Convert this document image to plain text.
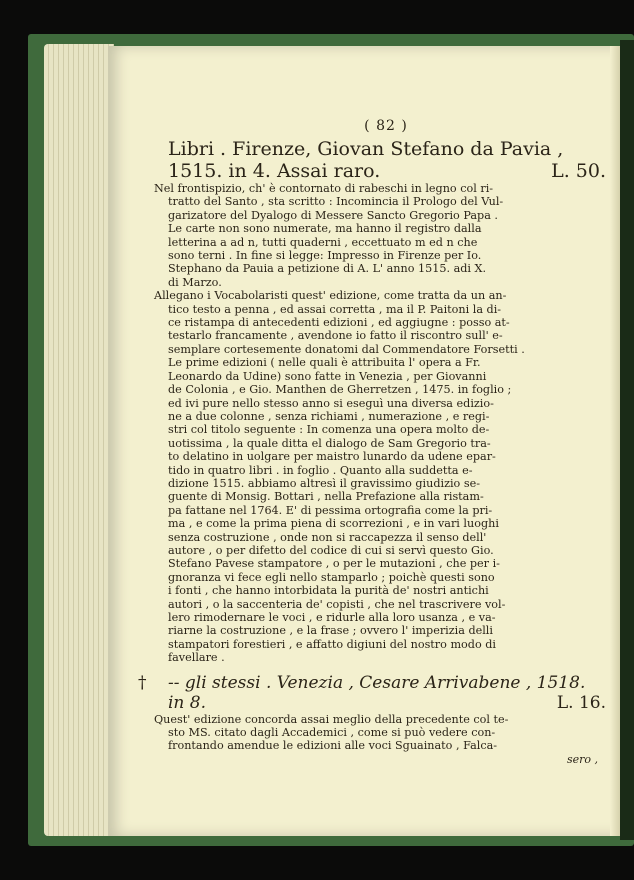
( 82 )
Libri . Firenze, Giovan Stefano da Pavia ,
1515. in 4. Assai raro.	L. 50.
Nel frontispizio, ch' è contornato di rabeschi in legno col ri-
tratto del Santo , sta scritto : Incomincia il Prologo del Vul-
garizatore del Dyalogo di Messere Sancto Gregorio Papa .
Le carte non sono numerate, ma hanno il registro dalla
letterina a ad n, tutti quaderni , eccettuato m ed n che
sono terni . In fine si legge: Impresso in Firenze per Io.
Stephano da Pauia a petizione di A. L' anno 1515. adi X.
di Marzo.
Allegano i Vocabolaristi quest' edizione, come tratta da un an-
tico testo a penna , ed assai corretta , ma il P. Paitoni la di-
ce ristampa di antecedenti edizioni , ed aggiugne : posso at-
testarlo francamente , avendone io fatto il riscontro sull' e-
semplare cortesemente donatomi dal Commendatore Forsetti .
Le prime edizioni ( nelle quali è attribuita l' opera a Fr.
Leonardo da Udine) sono fatte in Venezia , per Giovanni
de Colonia , e Gio. Manthen de Gherretzen , 1475. in foglio ;
ed ivi pure nello stesso anno si eseguì una diversa edizio-
ne a due colonne , senza richiami , numerazione , e regi-
stri col titolo seguente : In comenza una opera molto de-
uotissima , la quale ditta el dialogo de Sam Gregorio tra-
to delatino in uolgare per maistro lunardo da udene epar-
tido in quatro libri . in foglio . Quanto alla suddetta e-
dizione 1515. abbiamo altresì il gravissimo giudizio se-
guente di Monsig. Bottari , nella Prefazione alla ristam-
pa fattane nel 1764. E' di pessima ortografia come la pri-
ma , e come la prima piena di scorrezioni , e in vari luoghi
senza costruzione , onde non si raccapezza il senso dell'
autore , o per difetto del codice di cui si servì questo Gio.
Stefano Pavese stampatore , o per le mutazioni , che per i-
gnoranza vi fece egli nello stamparlo ; poichè questi sono
i fonti , che hanno intorbidata la purità de' nostri antichi
autori , o la saccenteria de' copisti , che nel trascrivere vol-
lero rimodernare le voci , e ridurle alla loro usanza , e va-
riarne la costruzione , e la frase ; ovvero l' imperizia delli
stampatori forestieri , e affatto digiuni del nostro modo di
favellare .
† -- gli stessi . Venezia , Cesare Arrivabene , 1518.
in 8.	L. 16.
Quest' edizione concorda assai meglio della precedente col te-
sto MS. citato dagli Accademici , come si può vedere con-
frontando amendue le edizioni alle voci Sguainato , Falca-
sero ,
